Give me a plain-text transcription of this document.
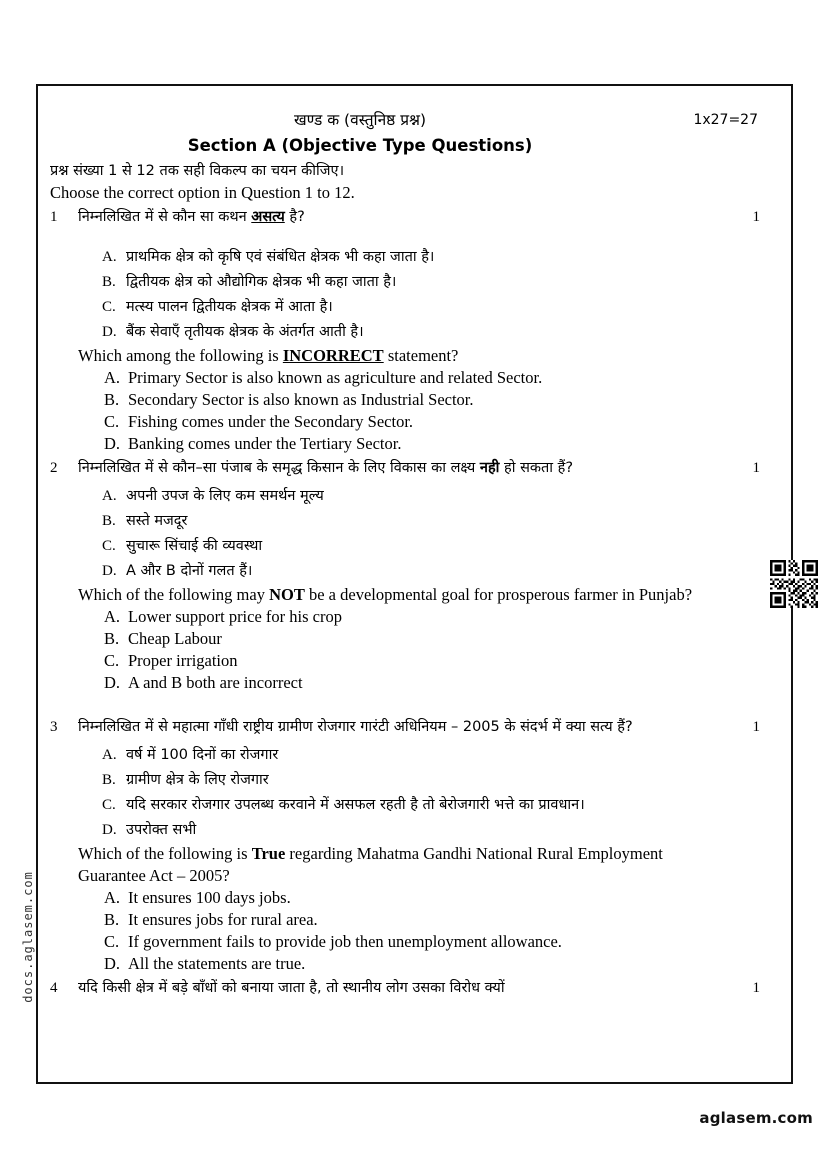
खण्ड क (वस्तुनिष्ठ प्रश्न)	1x27=27
Section A (Objective Type Questions)
प्रश्न संख्या 1 से 12 तक सही विकल्प का चयन कीजिए।
Choose the correct option in Question 1 to 12.
1	1
निम्नलिखित में से कौन सा कथन असत्य है?
A. प्राथमिक क्षेत्र को कृषि एवं संबंधित क्षेत्रक भी कहा जाता है।
B. द्वितीयक क्षेत्र को औद्योगिक क्षेत्रक भी कहा जाता है।
C. मत्स्य पालन द्वितीयक क्षेत्रक में आता है।
D. बैंक सेवाएँ तृतीयक क्षेत्रक के अंतर्गत आती है।
Which among the following is INCORRECT statement?
A. Primary Sector is also known as agriculture and related Sector.
B. Secondary Sector is also known as Industrial Sector.
C. Fishing comes under the Secondary Sector.
D. Banking comes under the Tertiary Sector.
2	1
निम्नलिखित में से कौन–सा पंजाब के समृद्ध किसान के लिए विकास का लक्ष्य नही हो सकता हैं?
A. अपनी उपज के लिए कम समर्थन मूल्य
B. सस्ते मजदूर
C. सुचारू सिंचाई की व्यवस्था
D. A और B दोनों गलत हैं।
Which of the following may NOT be a developmental goal for prosperous farmer in Punjab?
A. Lower support price for his crop
B. Cheap Labour
C. Proper irrigation
D. A and B both are incorrect
3	1
निम्नलिखित में से महात्मा गाँधी राष्ट्रीय ग्रामीण रोजगार गारंटी अधिनियम – 2005 के संदर्भ में क्या सत्य हैं?
A. वर्ष में 100 दिनों का रोजगार
B. ग्रामीण क्षेत्र के लिए रोजगार
C. यदि सरकार रोजगार उपलब्ध करवाने में असफल रहती है तो बेरोजगारी भत्ते का प्रावधान।
D. उपरोक्त सभी
Which of the following is True regarding Mahatma Gandhi National Rural Employment Guarantee Act – 2005?
A. It ensures 100 days jobs.
B. It ensures jobs for rural area.
C. If government fails to provide job then unemployment allowance.
D. All the statements are true.
4	1
यदि किसी क्षेत्र में बड़े बाँधों को बनाया जाता है, तो स्थानीय लोग उसका विरोध क्यों
docs.aglasem.com
aglasem.com
